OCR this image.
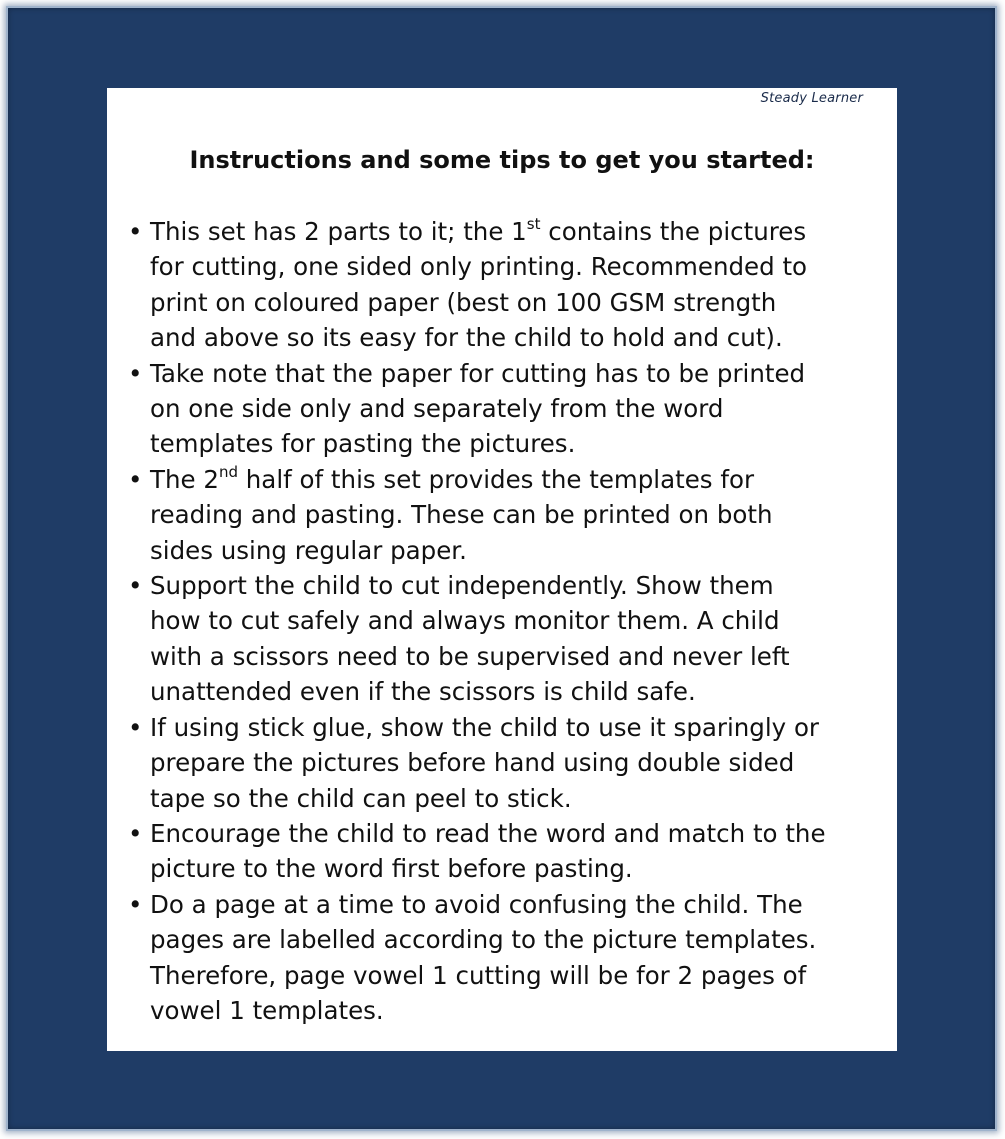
Steady Learner
Instructions and some tips to get you started:
• This set has 2 parts to it; the 1st contains the pictures
for cutting, one sided only printing. Recommended to
print on coloured paper (best on 100 GSM strength
and above so its easy for the child to hold and cut).
• Take note that the paper for cutting has to be printed
on one side only and separately from the word
templates for pasting the pictures.
• The 2nd half of this set provides the templates for
reading and pasting. These can be printed on both
sides using regular paper.
• Support the child to cut independently. Show them
how to cut safely and always monitor them. A child
with a scissors need to be supervised and never left
unattended even if the scissors is child safe.
• If using stick glue, show the child to use it sparingly or
prepare the pictures before hand using double sided
tape so the child can peel to stick.
• Encourage the child to read the word and match to the
picture to the word first before pasting.
• Do a page at a time to avoid confusing the child. The
pages are labelled according to the picture templates.
Therefore, page vowel 1 cutting will be for 2 pages of
vowel 1 templates.
